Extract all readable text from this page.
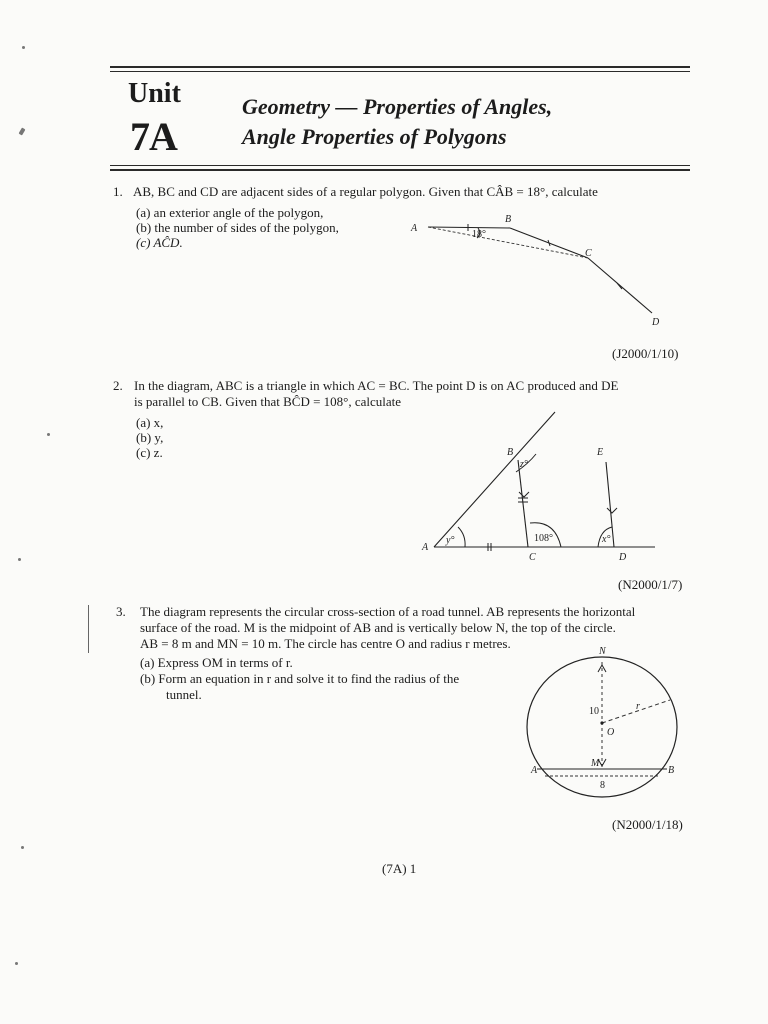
Unit
7A
Geometry — Properties of Angles,
Angle Properties of Polygons
1. AB, BC and CD are adjacent sides of a regular polygon. Given that CÂB = 18°, calculate
(a) an exterior angle of the polygon,
(b) the number of sides of the polygon,
(c) AĈD.
A
B
C
D
18°
(J2000/1/10)
2. In the diagram, ABC is a triangle in which AC = BC. The point D is on AC produced and DE
is parallel to CB. Given that BĈD = 108°, calculate
(a) x,
(b) y,
(c) z.
A
B
C	D
E
108°	x°
y°
z°
(N2000/1/7)
3. The diagram represents the circular cross-section of a road tunnel. AB represents the horizontal
surface of the road. M is the midpoint of AB and is vertically below N, the top of the circle.
AB = 8 m and MN = 10 m. The circle has centre O and radius r metres.
(a) Express OM in terms of r.
(b) Form an equation in r and solve it to find the radius of the
tunnel.
N
O
M
A	B
r
10
8
(N2000/1/18)
(7A) 1
